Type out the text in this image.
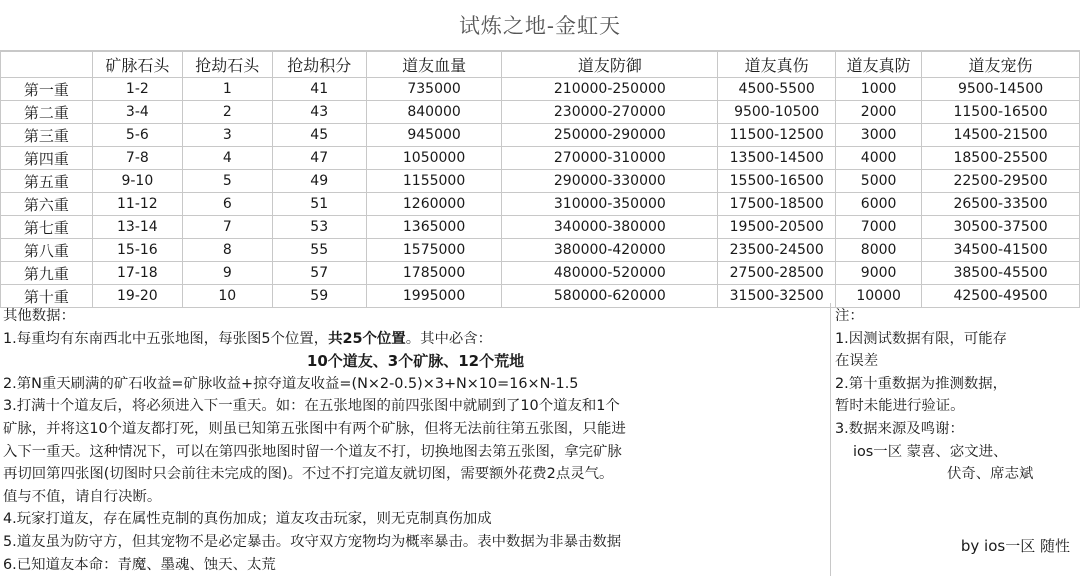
试炼之地-金虹天
	矿脉石头	抢劫石头	抢劫积分	道友血量	道友防御	道友真伤	道友真防	道友宠伤
第一重	1-2	1	41	735000	210000-250000	4500-5500	1000	9500-14500
第二重	3-4	2	43	840000	230000-270000	9500-10500	2000	11500-16500
第三重	5-6	3	45	945000	250000-290000	11500-12500	3000	14500-21500
第四重	7-8	4	47	1050000	270000-310000	13500-14500	4000	18500-25500
第五重	9-10	5	49	1155000	290000-330000	15500-16500	5000	22500-29500
第六重	11-12	6	51	1260000	310000-350000	17500-18500	6000	26500-33500
第七重	13-14	7	53	1365000	340000-380000	19500-20500	7000	30500-37500
第八重	15-16	8	55	1575000	380000-420000	23500-24500	8000	34500-41500
第九重	17-18	9	57	1785000	480000-520000	27500-28500	9000	38500-45500
第十重	19-20	10	59	1995000	580000-620000	31500-32500	10000	42500-49500
其他数据：
1.每重均有东南西北中五张地图，每张图5个位置，共25个位置。其中必含：
10个道友、3个矿脉、12个荒地
2.第N重天刷满的矿石收益=矿脉收益+掠夺道友收益=(N×2-0.5)×3+N×10=16×N-1.5
3.打满十个道友后，将必须进入下一重天。如：在五张地图的前四张图中就刷到了10个道友和1个
矿脉，并将这10个道友都打死，则虽已知第五张图中有两个矿脉，但将无法前往第五张图，只能进
入下一重天。这种情况下，可以在第四张地图时留一个道友不打，切换地图去第五张图，拿完矿脉
再切回第四张图(切图时只会前往未完成的图)。不过不打完道友就切图，需要额外花费2点灵气。
值与不值，请自行决断。
4.玩家打道友，存在属性克制的真伤加成；道友攻击玩家，则无克制真伤加成
5.道友虽为防守方，但其宠物不是必定暴击。攻守双方宠物均为概率暴击。表中数据为非暴击数据
6.已知道友本命：青魔、墨魂、蚀天、太荒
注：
1.因测试数据有限，可能存
在误差
2.第十重数据为推测数据，
暂时未能进行验证。
3.数据来源及鸣谢：
ios一区 蒙喜、宓文进、
伏奇、席志斌
by ios一区 随性
